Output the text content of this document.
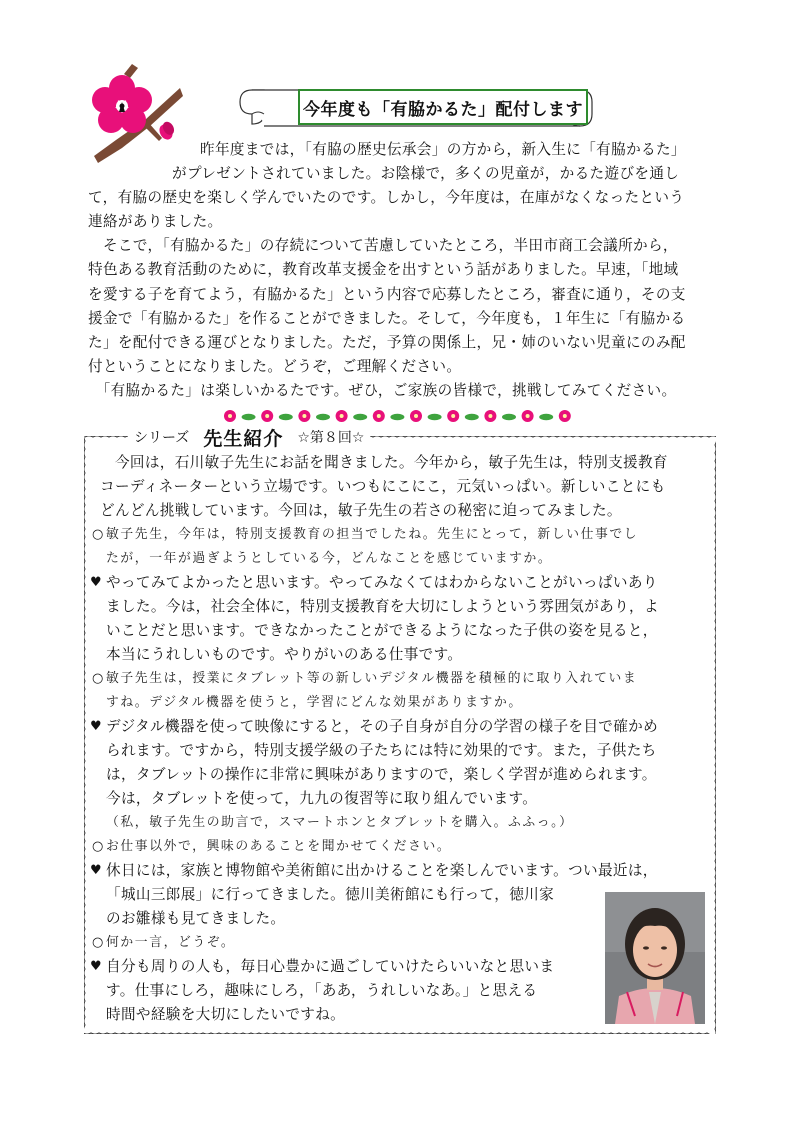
今年度も「有脇かるた」配付します
昨年度までは，「有脇の歴史伝承会」の方から，新入生に「有脇かるた」
がプレゼントされていました。お陰様で，多くの児童が，かるた遊びを通し
て，有脇の歴史を楽しく学んでいたのです。しかし，今年度は，在庫がなくなったという
連絡がありました。
　そこで，「有脇かるた」の存続について苦慮していたところ，半田市商工会議所から，
特色ある教育活動のために，教育改革支援金を出すという話がありました。早速，「地域
を愛する子を育てよう，有脇かるた」という内容で応募したところ，審査に通り，その支
援金で「有脇かるた」を作ることができました。そして，今年度も，１年生に「有脇かる
た」を配付できる運びとなりました。ただ，予算の関係上，兄・姉のいない児童にのみ配
付ということになりました。どうぞ，ご理解ください。
　「有脇かるた」は楽しいかるたです。ぜひ，ご家族の皆様で，挑戦してみてください。
シリーズ 先生紹介 ☆第８回☆
　今回は，石川敏子先生にお話を聞きました。今年から，敏子先生は，特別支援教育
コーディネーターという立場です。いつもにこにこ，元気いっぱい。新しいことにも
どんどん挑戦しています。今回は，敏子先生の若さの秘密に迫ってみました。
○ 敏子先生，今年は，特別支援教育の担当でしたね。先生にとって，新しい仕事でし
たが，一年が過ぎようとしている今，どんなことを感じていますか。
♥ やってみてよかったと思います。やってみなくてはわからないことがいっぱいあり
ました。今は，社会全体に，特別支援教育を大切にしようという雰囲気があり，よ
いことだと思います。できなかったことができるようになった子供の姿を見ると，
本当にうれしいものです。やりがいのある仕事です。
○ 敏子先生は，授業にタブレット等の新しいデジタル機器を積極的に取り入れていま
すね。デジタル機器を使うと，学習にどんな効果がありますか。
♥ デジタル機器を使って映像にすると，その子自身が自分の学習の様子を目で確かめ
られます。ですから，特別支援学級の子たちには特に効果的です。また，子供たち
は，タブレットの操作に非常に興味がありますので，楽しく学習が進められます。
今は，タブレットを使って，九九の復習等に取り組んでいます。
（私，敏子先生の助言で，スマートホンとタブレットを購入。ふふっ。）
○ お仕事以外で，興味のあることを聞かせてください。
♥ 休日には，家族と博物館や美術館に出かけることを楽しんでいます。つい最近は，
「城山三郎展」に行ってきました。徳川美術館にも行って，徳川家
のお雛様も見てきました。
○ 何か一言，どうぞ。
♥ 自分も周りの人も，毎日心豊かに過ごしていけたらいいなと思いま
す。仕事にしろ，趣味にしろ，「ああ，うれしいなあ。」と思える
時間や経験を大切にしたいですね。
